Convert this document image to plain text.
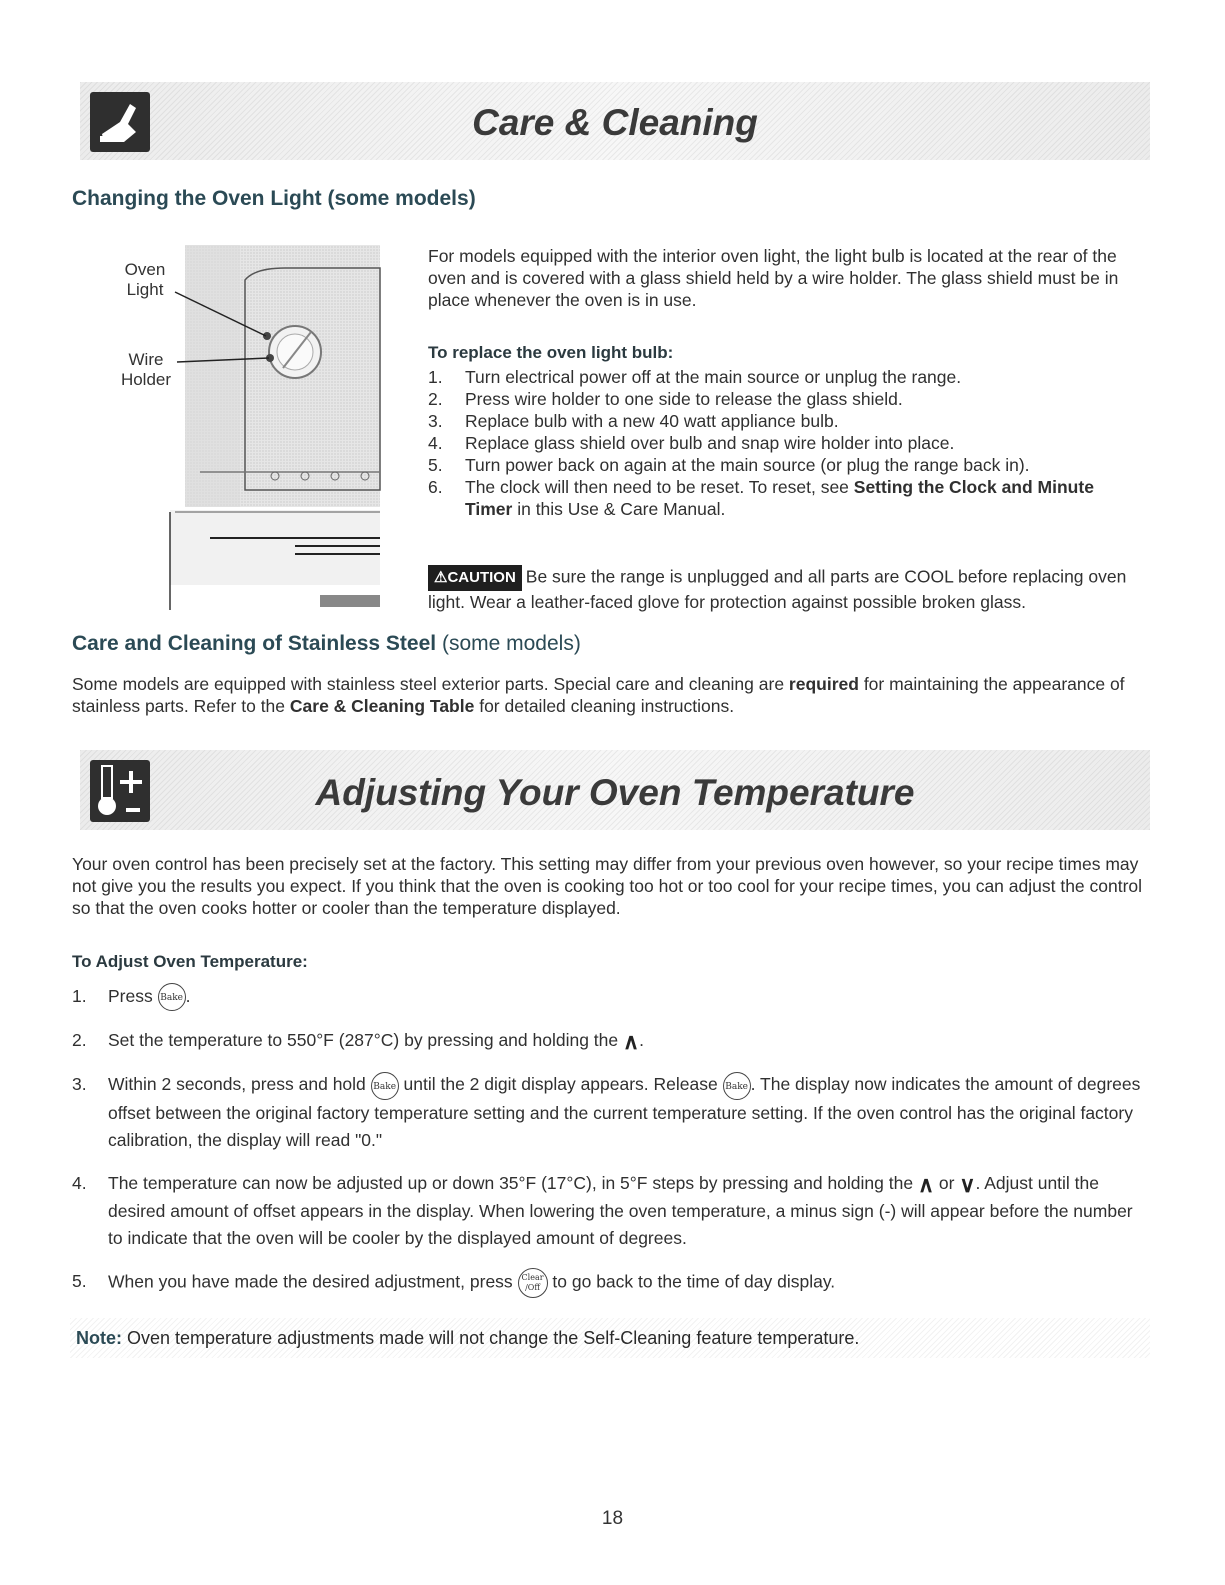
Care & Cleaning
Changing the Oven Light (some models)
Oven Light
Wire Holder
For models equipped with the interior oven light, the light bulb is located at the rear of the oven and is covered with a glass shield held by a wire holder. The glass shield must be in place whenever the oven is in use.
To replace the oven light bulb:
1. Turn electrical power off at the main source or unplug the range.
2. Press wire holder to one side to release the glass shield.
3. Replace bulb with a new 40 watt appliance bulb.
4. Replace glass shield over bulb and snap wire holder into place.
5. Turn power back on again at the main source (or plug the range back in).
6. The clock will then need to be reset. To reset, see Setting the Clock and Minute Timer in this Use & Care Manual.
⚠CAUTION Be sure the range is unplugged and all parts are COOL before replacing oven light. Wear a leather-faced glove for protection against possible broken glass.
Care and Cleaning of Stainless Steel (some models)
Some models are equipped with stainless steel exterior parts. Special care and cleaning are required for maintaining the appearance of stainless parts. Refer to the Care & Cleaning Table for detailed cleaning instructions.
Adjusting Your Oven Temperature
Your oven control has been precisely set at the factory. This setting may differ from your previous oven however, so your recipe times may not give you the results you expect. If you think that the oven is cooking too hot or too cool for your recipe times, you can adjust the control so that the oven cooks hotter or cooler than the temperature displayed.
To Adjust Oven Temperature:
1. Press Bake .
2. Set the temperature to 550°F (287°C) by pressing and holding the ∧.
3. Within 2 seconds, press and hold Bake until the 2 digit display appears. Release Bake . The display now indicates the amount of degrees offset between the original factory temperature setting and the current temperature setting. If the oven control has the original factory calibration, the display will read "0."
4. The temperature can now be adjusted up or down 35°F (17°C), in 5°F steps by pressing and holding the ∧ or ∨. Adjust until the desired amount of offset appears in the display. When lowering the oven temperature, a minus sign (-) will appear before the number to indicate that the oven will be cooler by the displayed amount of degrees.
5. When you have made the desired adjustment, press Clear
/Off to go back to the time of day display.
Note: Oven temperature adjustments made will not change the Self-Cleaning feature temperature.
18
